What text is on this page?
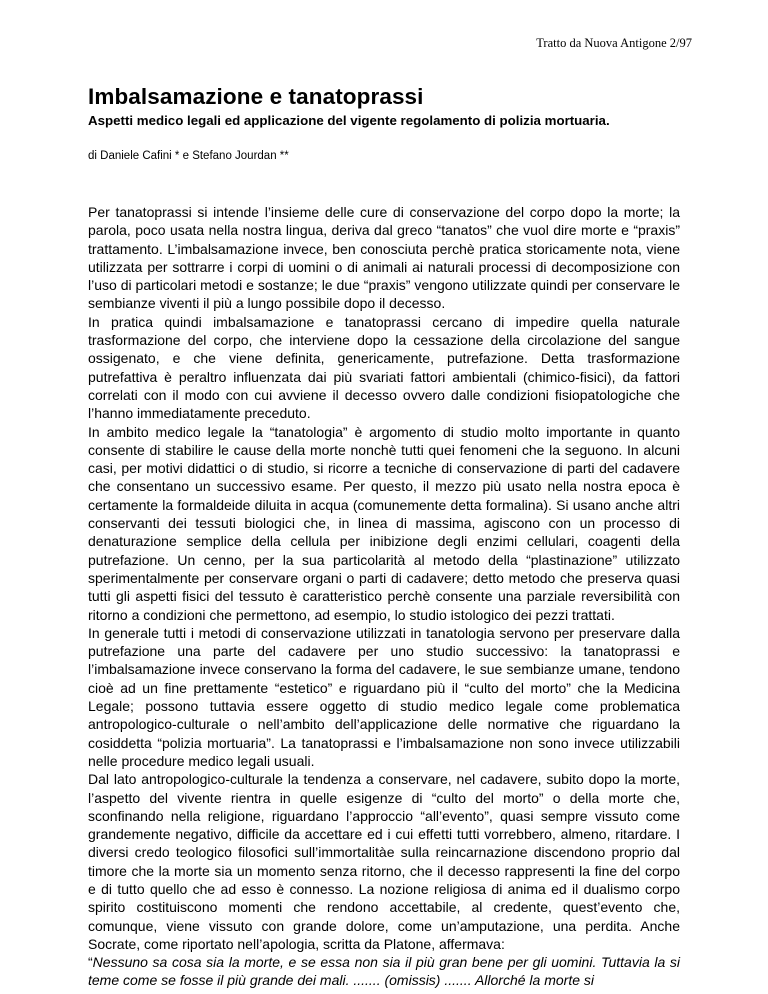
Tratto da Nuova Antigone 2/97
Imbalsamazione e tanatoprassi
Aspetti medico legali ed applicazione del vigente regolamento di polizia mortuaria.

di Daniele Cafini * e Stefano Jourdan **

Per tanatoprassi si intende l’insieme delle cure di conservazione del corpo dopo la morte; la parola, poco usata nella nostra lingua, deriva dal greco “tanatos” che vuol dire morte e “praxis” trattamento. L’imbalsamazione invece, ben conosciuta perchè pratica storicamente nota, viene utilizzata per sottrarre i corpi di uomini o di animali ai naturali processi di decomposizione con l’uso di particolari metodi e sostanze; le due “praxis” vengono utilizzate quindi per conservare le sembianze viventi il più a lungo possibile dopo il decesso.

In pratica quindi imbalsamazione e tanatoprassi cercano di impedire quella naturale trasformazione del corpo, che interviene dopo la cessazione della circolazione del sangue ossigenato, e che viene definita, genericamente, putrefazione. Detta trasformazione putrefattiva è peraltro influenzata dai più svariati fattori ambientali (chimico-fisici), da fattori correlati con il modo con cui avviene il decesso ovvero dalle condizioni fisiopatologiche che l’hanno immediatamente preceduto.

In ambito medico legale la “tanatologia” è argomento di studio molto importante in quanto consente di stabilire le cause della morte nonchè tutti quei fenomeni che la seguono. In alcuni casi, per motivi didattici o di studio, si ricorre a tecniche di conservazione di parti del cadavere che consentano un successivo esame. Per questo, il mezzo più usato nella nostra epoca è certamente la formaldeide diluita in acqua (comunemente detta formalina). Si usano anche altri conservanti dei tessuti biologici che, in linea di massima, agiscono con un processo di denaturazione semplice della cellula per inibizione degli enzimi cellulari, coagenti della putrefazione. Un cenno, per la sua particolarità al metodo della “plastinazione” utilizzato sperimentalmente per conservare organi o parti di cadavere; detto metodo che preserva quasi tutti gli aspetti fisici del tessuto è caratteristico perchè consente una parziale reversibilità con ritorno a condizioni che permettono, ad esempio, lo studio istologico dei pezzi trattati.

In generale tutti i metodi di conservazione utilizzati in tanatologia servono per preservare dalla putrefazione una parte del cadavere per uno studio successivo: la tanatoprassi e l’imbalsamazione invece conservano la forma del cadavere, le sue sembianze umane, tendono cioè ad un fine prettamente “estetico” e riguardano più il “culto del morto” che la Medicina Legale; possono tuttavia essere oggetto di studio medico legale come problematica antropologico-culturale o nell’ambito dell’applicazione delle normative che riguardano la cosiddetta “polizia mortuaria”. La tanatoprassi e l’imbalsamazione non sono invece utilizzabili nelle procedure medico legali usuali.

Dal lato antropologico-culturale la tendenza a conservare, nel cadavere, subito dopo la morte, l’aspetto del vivente rientra in quelle esigenze di “culto del morto” o della morte che, sconfinando nella religione, riguardano l’approccio “all’evento”, quasi sempre vissuto come grandemente negativo, difficile da accettare ed i cui effetti tutti vorrebbero, almeno, ritardare. I diversi credo teologico filosofici sull’immortalitàe sulla reincarnazione discendono proprio dal timore che la morte sia un momento senza ritorno, che il decesso rappresenti la fine del corpo e di tutto quello che ad esso è connesso. La nozione religiosa di anima ed il dualismo corpo spirito costituiscono momenti che rendono accettabile, al credente, quest’evento che, comunque, viene vissuto con grande dolore, come un’amputazione, una perdita. Anche Socrate, come riportato nell’apologia, scritta da Platone, affermava:

“Nessuno sa cosa sia la morte, e se essa non sia il più gran bene per gli uomini. Tuttavia la si teme come se fosse il più grande dei mali. ....... (omissis) ....... Allorché la morte si
